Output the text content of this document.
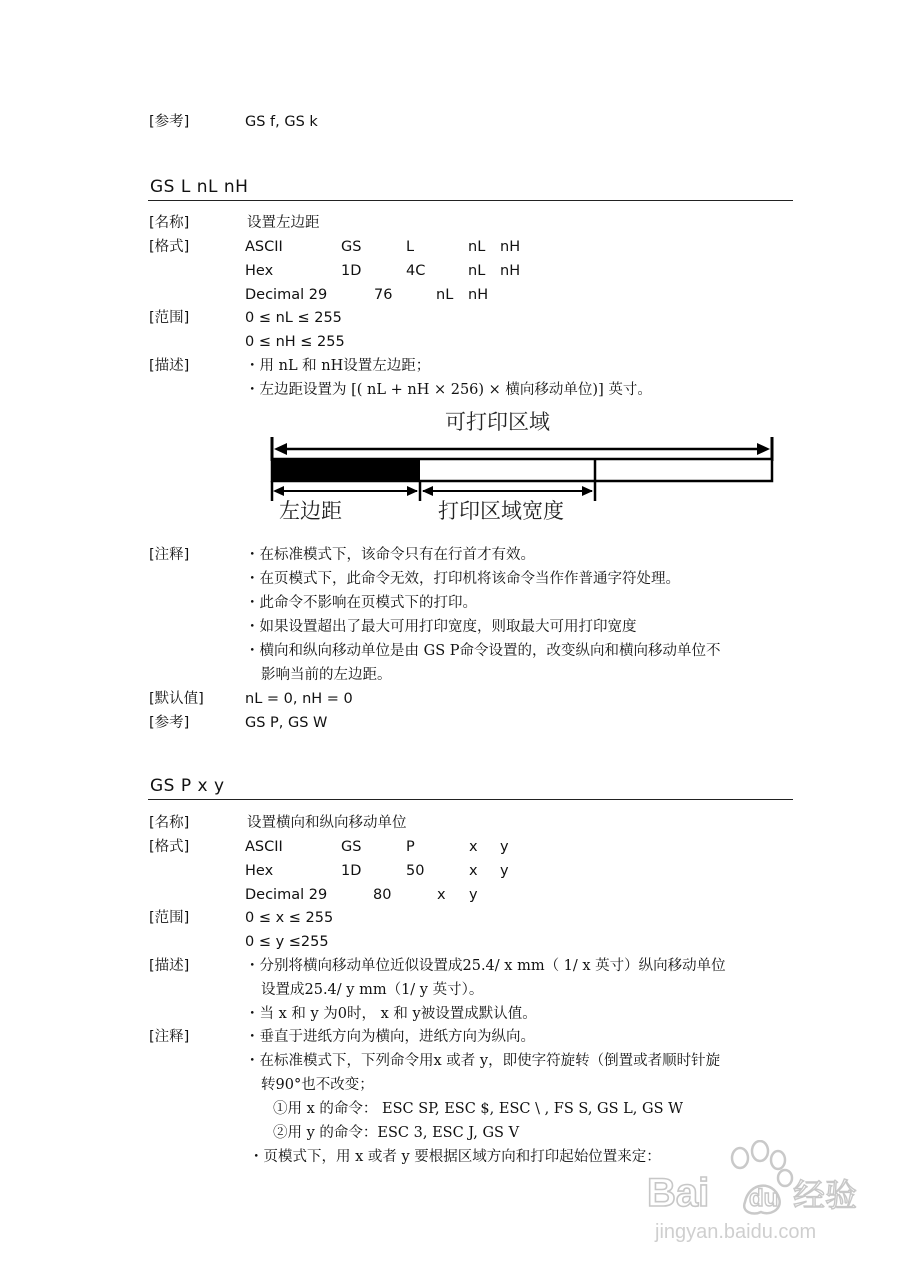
[参考]	GS f, GS k
GS L nL nH
[名称]	设置左边距
[格式]	ASCII	GS	L	nL nH
Hex	1D	4C	nL nH
Decimal 29	76	nL nH
[范围]	0 ≤ nL ≤ 255
0 ≤ nH ≤ 255
[描述]	・用 nL 和 nH设置左边距；
・左边距设置为 [( nL + nH × 256) × 横向移动单位)] 英寸。
可打印区域
左边距	打印区域宽度
[注释]	・在标准模式下，该命令只有在行首才有效。
・在页模式下，此命令无效，打印机将该命令当作作普通字符处理。
・此命令不影响在页模式下的打印。
・如果设置超出了最大可用打印宽度，则取最大可用打印宽度
・横向和纵向移动单位是由 GS P命令设置的，改变纵向和横向移动单位不
影响当前的左边距。
[默认值]	nL = 0, nH = 0
[参考]	GS P, GS W
GS P x y
[名称]	设置横向和纵向移动单位
[格式]	ASCII	GS	P	x y
Hex	1D	50	x y
Decimal 29	80	x y
[范围]	0 ≤ x ≤ 255
0 ≤ y ≤255
[描述]	・分别将横向移动单位近似设置成25.4/ x mm（ 1/ x 英寸）纵向移动单位
设置成25.4/ y mm（1/ y 英寸）。
・当 x 和 y 为0时， x 和 y被设置成默认值。
[注释]	・垂直于进纸方向为横向，进纸方向为纵向。
・在标准模式下，下列命令用x 或者 y，即使字符旋转（倒置或者顺时针旋
转90°也不改变；
①用 x 的命令： ESC SP, ESC $, ESC \ , FS S, GS L, GS W
②用 y 的命令：ESC 3, ESC J, GS V
・页模式下，用 x 或者 y 要根据区域方向和打印起始位置来定：
Bai du 经验
jingyan.baidu.com
